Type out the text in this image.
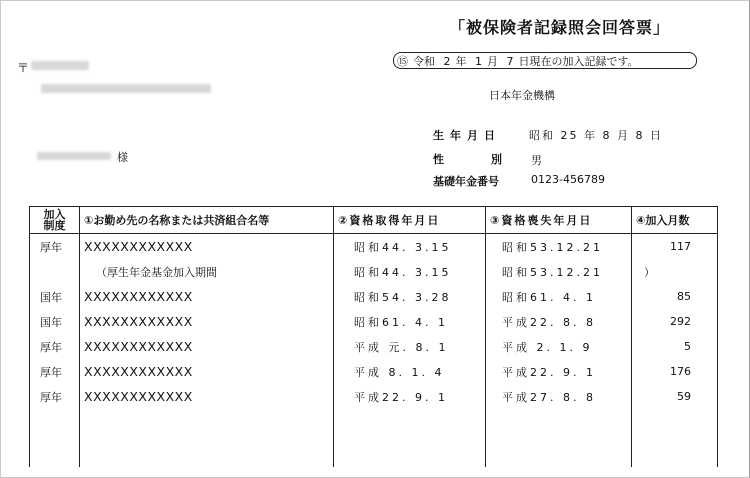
「被保険者記録照会回答票」
⑮ 令和 2 年 1 月 7 日現在の加入記録です。
日本年金機構
〒
様
生年月日	昭和 25 年 8 月 8 日
性　別 男
基礎年金番号	0123-456789
加入
制度	①お勤め先の名称または共済組合名等	②資格取得年月日	③資格喪失年月日	④加入月数
厚年	XXXXXXXXXXXX	昭和44. 3.15	昭和53.12.21	117
	（厚生年金基金加入期間	昭和44. 3.15	昭和53.12.21	）
国年	XXXXXXXXXXXX	昭和54. 3.28	昭和61. 4. 1	85
国年	XXXXXXXXXXXX	昭和61. 4. 1	平成22. 8. 8	292
厚年	XXXXXXXXXXXX	平成 元. 8. 1	平成 2. 1. 9	5
厚年	XXXXXXXXXXXX	平成 8. 1. 4	平成22. 9. 1	176
厚年	XXXXXXXXXXXX	平成22. 9. 1	平成27. 8. 8	59
